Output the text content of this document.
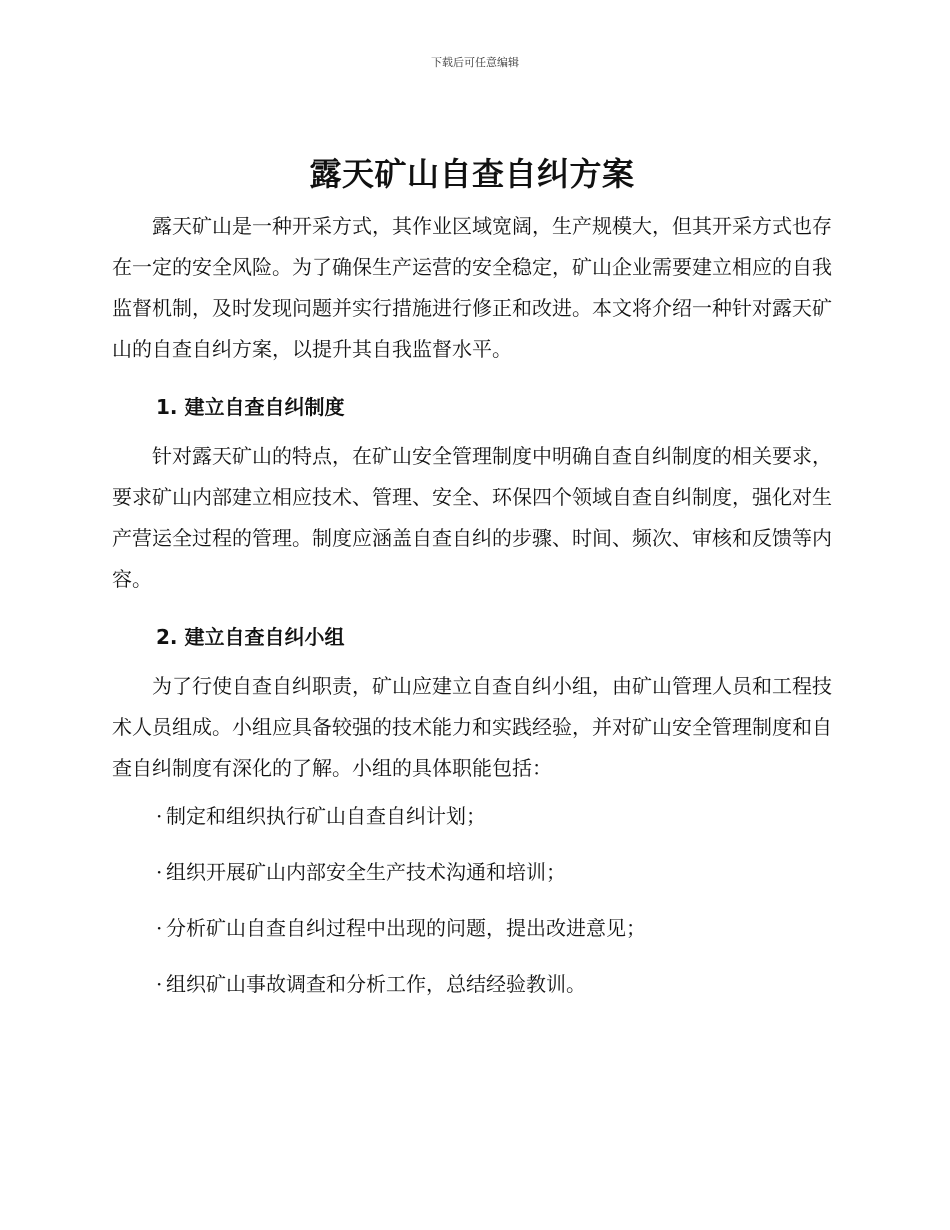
下载后可任意编辑
露天矿山自查自纠方案

露天矿山是一种开采方式，其作业区域宽阔，生产规模大，但其开采方式也存在一定的安全风险。为了确保生产运营的安全稳定，矿山企业需要建立相应的自我监督机制，及时发现问题并实行措施进行修正和改进。本文将介绍一种针对露天矿山的自查自纠方案，以提升其自我监督水平。

1. 建立自查自纠制度

针对露天矿山的特点，在矿山安全管理制度中明确自查自纠制度的相关要求，要求矿山内部建立相应技术、管理、安全、环保四个领域自查自纠制度，强化对生产营运全过程的管理。制度应涵盖自查自纠的步骤、时间、频次、审核和反馈等内容。

2. 建立自查自纠小组

为了行使自查自纠职责，矿山应建立自查自纠小组，由矿山管理人员和工程技术人员组成。小组应具备较强的技术能力和实践经验，并对矿山安全管理制度和自查自纠制度有深化的了解。小组的具体职能包括：

· 制定和组织执行矿山自查自纠计划；
· 组织开展矿山内部安全生产技术沟通和培训；
· 分析矿山自查自纠过程中出现的问题，提出改进意见；
· 组织矿山事故调查和分析工作，总结经验教训。
